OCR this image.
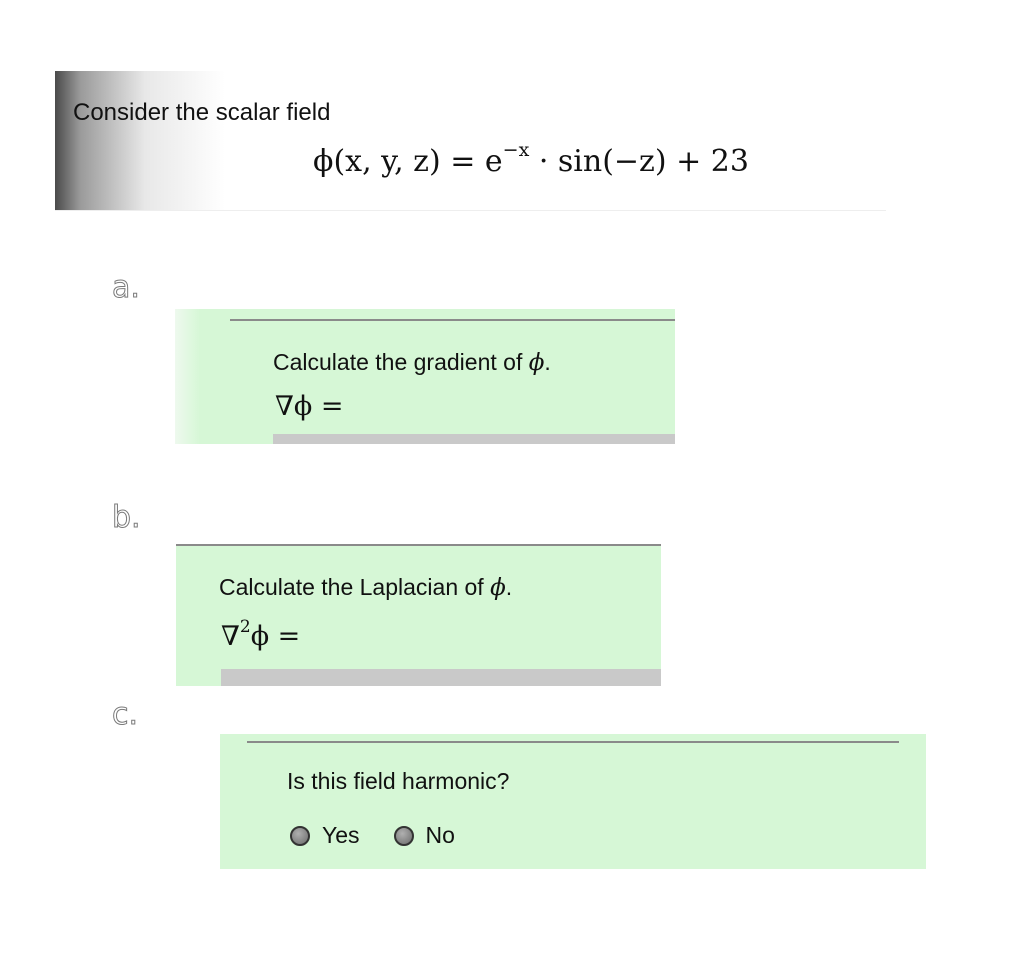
Consider the scalar field
ϕ(x, y, $z) = e^{-x} \cdot \sin(-z) + 23$
a.
Calculate the gradient of ϕ.
∇ϕ =
b.
Calculate the Laplacian of ϕ.
∇$^2$ϕ =
c.
Is this field harmonic?
Yes	No
